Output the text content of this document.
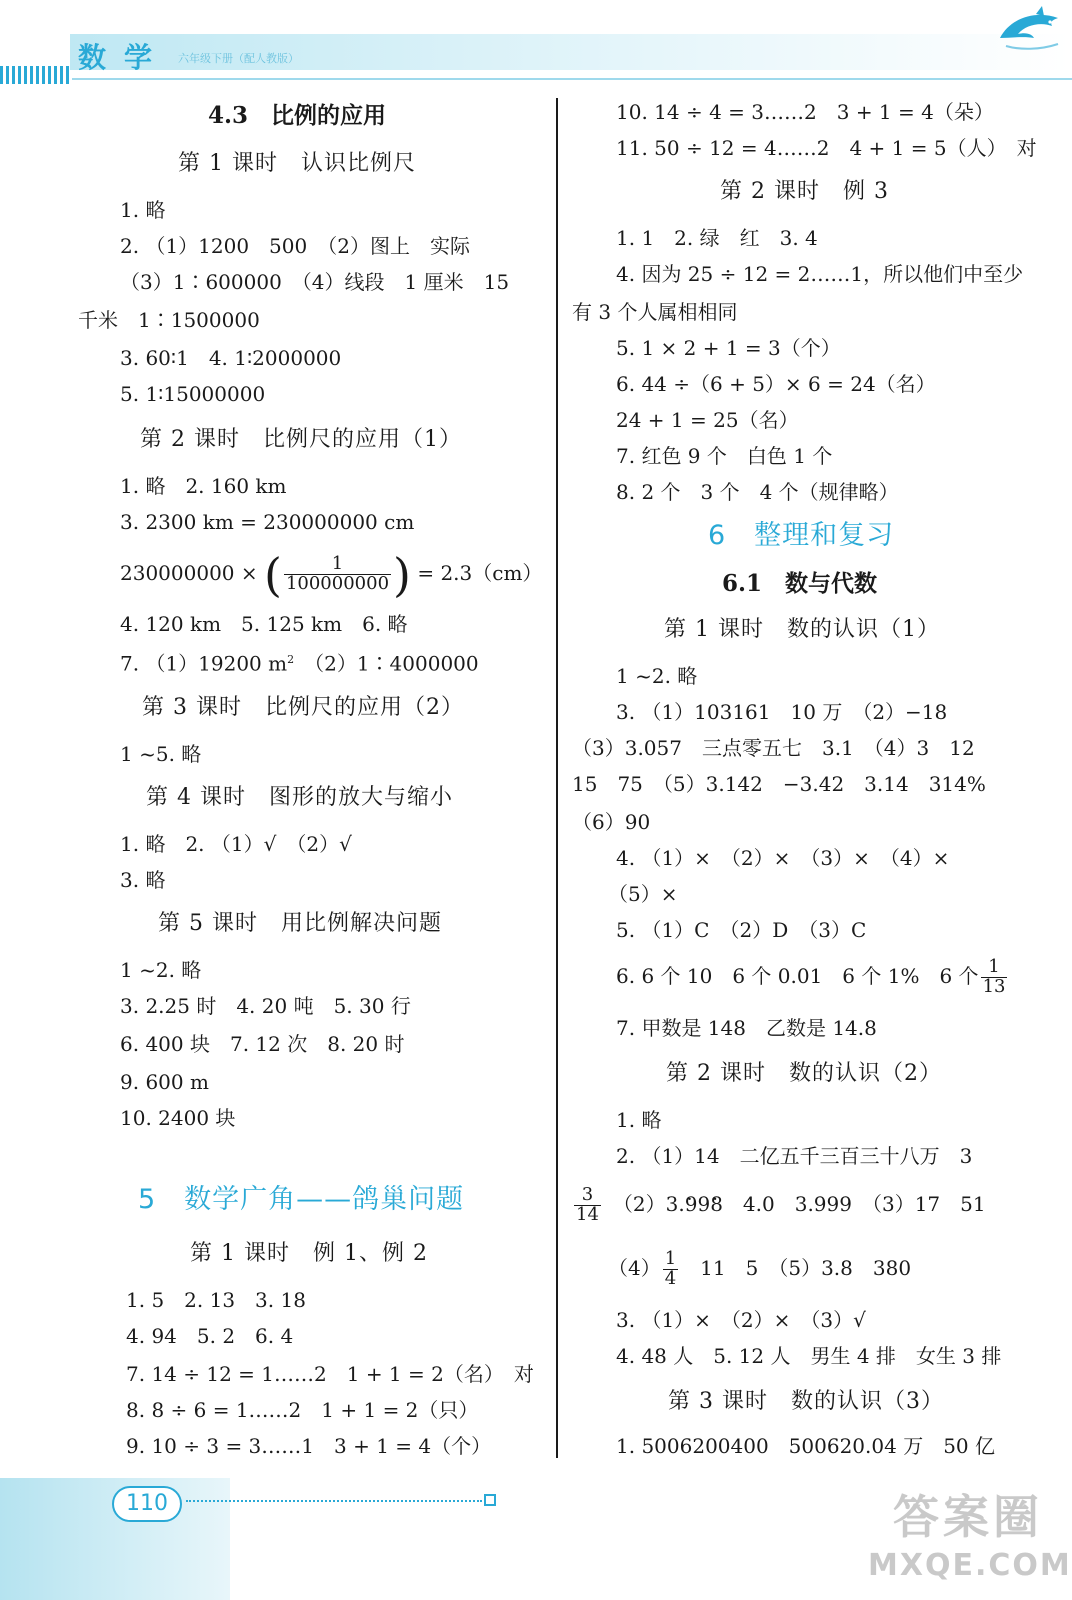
数学 六年级下册（配人教版）
4.3　比例的应用
第 1 课时　认识比例尺
1. 略
2. （1）1200　500　（2）图上　实际
（3）1∶600000　（4）线段　1 厘米　15
千米　1∶1500000
3. 60∶1　4. 1∶2000000
5. 1∶15000000
第 2 课时　比例尺的应用（1）
1. 略　2. 160 km
3. 2300 km = 230000000 cm
230000000 × ( $\frac{1}{100000000}$ ) = 2.3（cm）
4. 120 km　5. 125 km　6. 略
7. （1）19200 $m^2$　（2）1∶4000000
第 3 课时　比例尺的应用（2）
1 ~5. 略
第 4 课时　图形的放大与缩小
1. 略　2. （1）√　（2）√
3. 略
第 5 课时　用比例解决问题
1 ~2. 略
3. 2.25 时　4. 20 吨　5. 30 行
6. 400 块　7. 12 次　8. 20 时
9. 600 m
10. 2400 块
5　数学广角——鸽巢问题
第 1 课时　例 1、例 2
1. 5　2. 13　3. 18
4. 94　5. 2　6. 4
7. 14 ÷ 12 = 1……2　1 + 1 = 2（名）　对
8. 8 ÷ 6 = 1……2　1 + 1 = 2（只）
9. 10 ÷ 3 = 3……1　3 + 1 = 4（个）
10. 14 ÷ 4 = 3……2　3 + 1 = 4（朵）
11. 50 ÷ 12 = 4……2　4 + 1 = 5（人）　对
第 2 课时　例 3
1. 1　2. 绿　红　3. 4
4. 因为 25 ÷ 12 = 2……1，所以他们中至少
有 3 个人属相相同
5. 1 × 2 + 1 = 3（个）
6. 44 ÷（6 + 5）× 6 = 24（名）
24 + 1 = 25（名）
7. 红色 9 个　白色 1 个
8. 2 个　3 个　4 个（规律略）
6　整理和复习
6.1　数与代数
第 1 课时　数的认识（1）
1 ~2. 略
3. （1）103161　10 万　（2）−18
（3）3.057　三点零五七　3.1　（4）3　12
15　75　（5）3.142　−3.42　3.14　314%
（6）90
4. （1）×　（2）×　（3）×　（4）×
（5）×
5. （1）C　（2）D　（3）C
6. 6 个 10　6 个 0.01　6 个 1%　6 个 $\frac{1}{13}$
7. 甲数是 148　乙数是 14.8
第 2 课时　数的认识（2）
1. 略
2. （1）14　二亿五千三百三十八万　3
$\frac{3}{14}$
　 （2）3.9 ·98 ·　4.0　3.999　（3）17　51
$(4) \frac{1}{4}$ 　11　5　（5）3.8　380
3. （1）×　（2）×　（3）√
4. 48 人　5. 12 人　男生 4 排　女生 3 排
第 3 课时　数的认识（3）
1. 5006200400　500620.04 万　50 亿
110	答案圈
MXQE.COM
